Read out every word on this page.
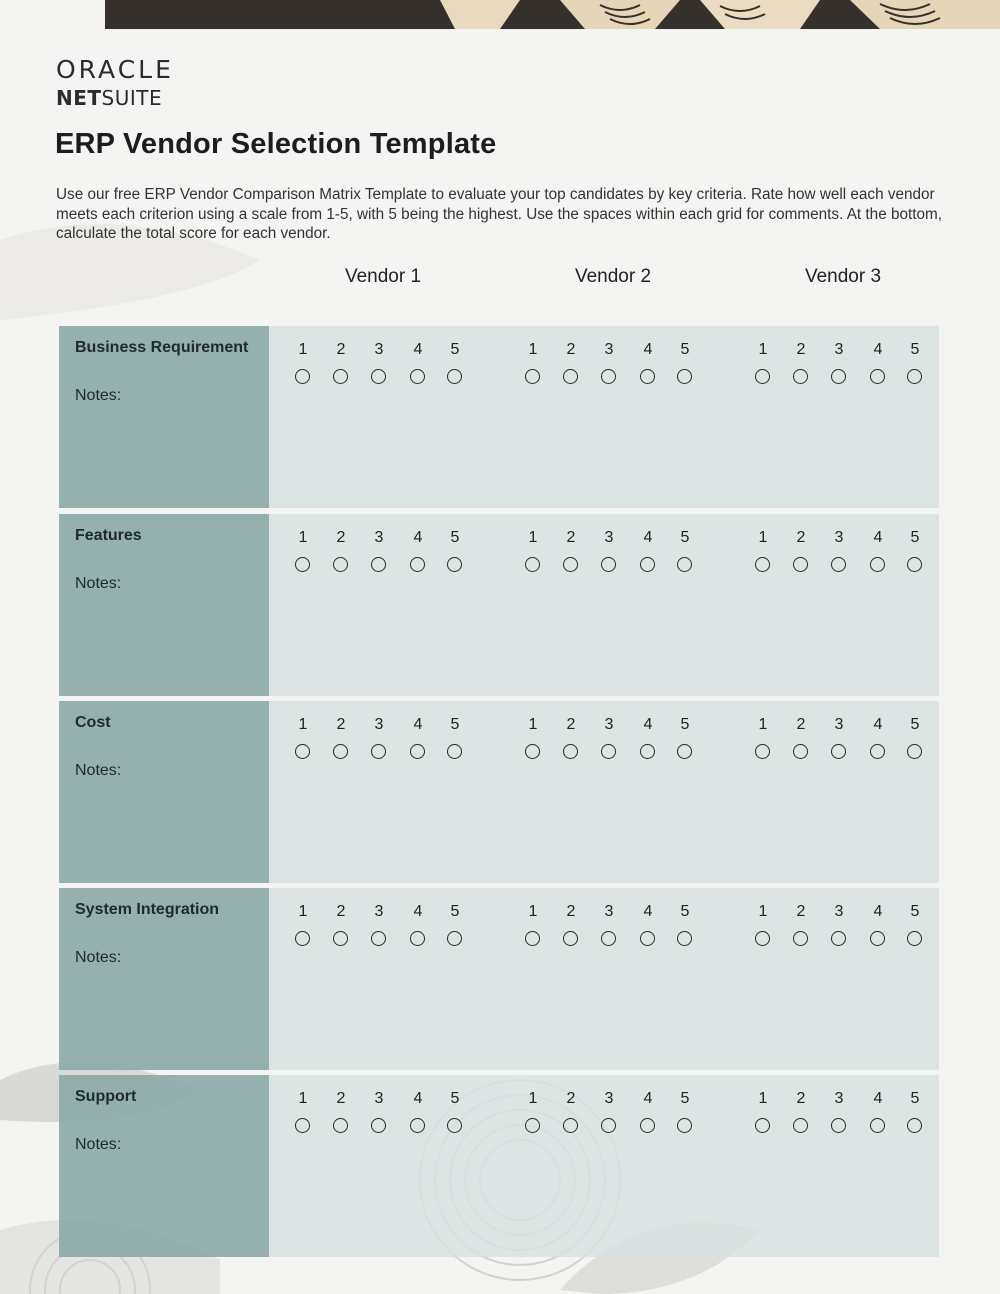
ORACLE
NETSUITE
ERP Vendor Selection Template

Use our free ERP Vendor Comparison Matrix Template to evaluate your top candidates by key criteria. Rate how well each vendor meets each criterion using a scale from 1-5, with 5 being the highest. Use the spaces within each grid for comments. At the bottom, calculate the total score for each vendor.

Vendor 1	Vendor 2	Vendor 3
Business Requirement
Notes:
1	2	3	4	5	1	2	3	4	5	1	2	3	4	5
Features
Notes:
1	2	3	4	5	1	2	3	4	5	1	2	3	4	5
Cost
Notes:
1	2	3	4	5	1	2	3	4	5	1	2	3	4	5
System Integration
Notes:
1	2	3	4	5	1	2	3	4	5	1	2	3	4	5
Support
Notes:
1	2	3	4	5	1	2	3	4	5	1	2	3	4	5
